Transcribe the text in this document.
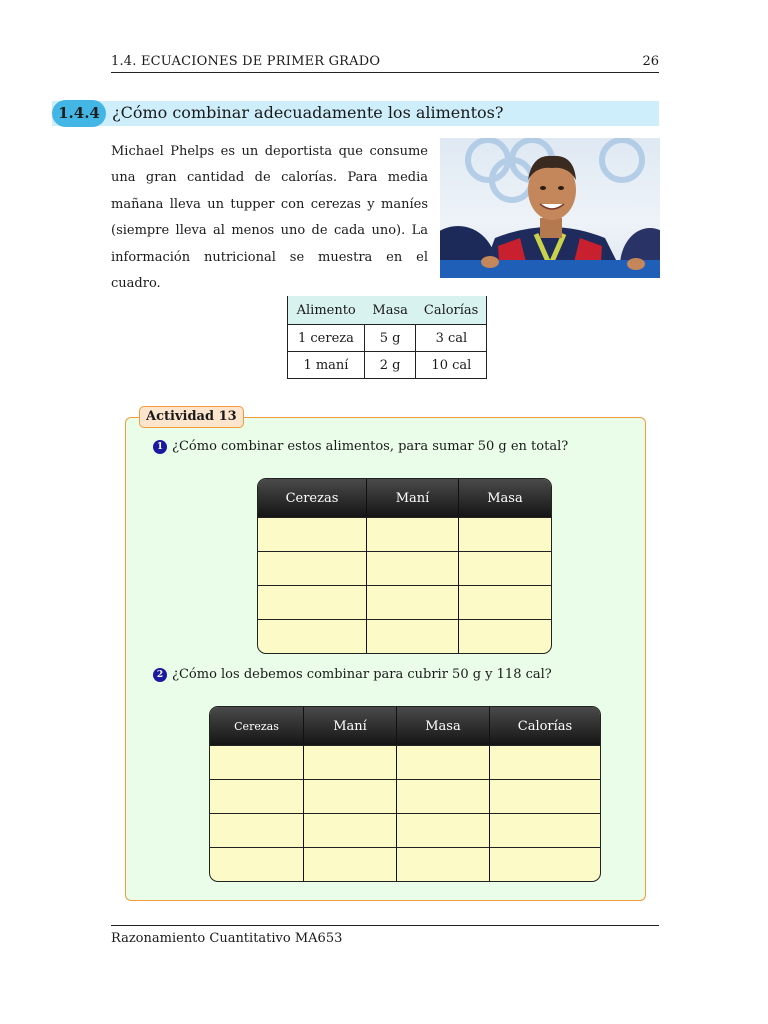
1.4. ECUACIONES DE PRIMER GRADO	26
1.4.4 ¿Cómo combinar adecuadamente los alimentos?
Michael Phelps es un deportista que consume una gran cantidad de calorías. Para media mañana lleva un tupper con cerezas y maníes (siempre lleva al menos uno de cada uno). La información nutricional se muestra en el cuadro.
Alimento	Masa	Calorías
1 cereza	5 g	3 cal
1 maní	2 g	10 cal
Actividad 13
1 ¿Cómo combinar estos alimentos, para sumar 50 g en total?
Cerezas	Maní	Masa
2 ¿Cómo los debemos combinar para cubrir 50 g y 118 cal?
Cerezas	Maní	Masa	Calorías
Razonamiento Cuantitativo MA653
